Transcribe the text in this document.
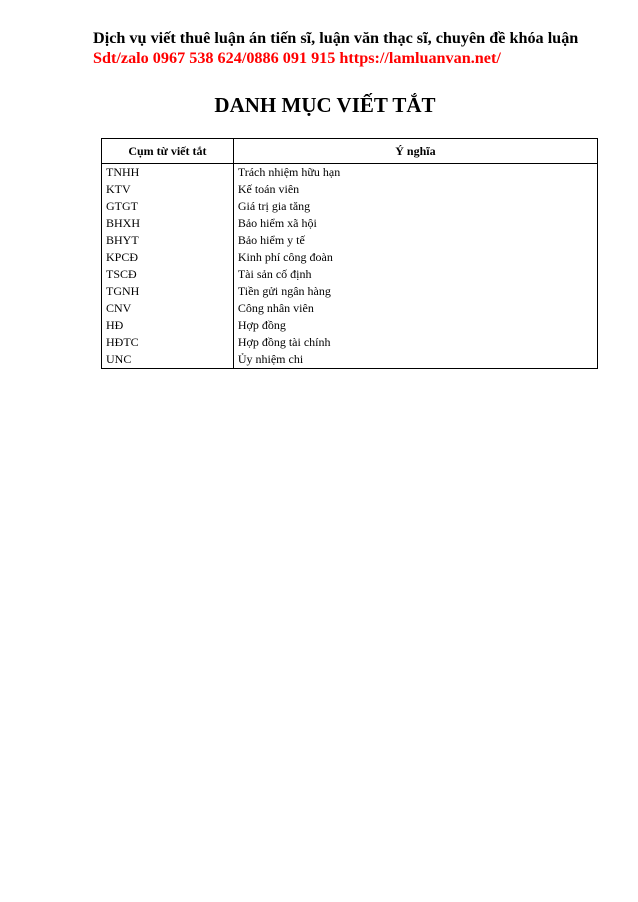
Dịch vụ viết thuê luận án tiến sĩ, luận văn thạc sĩ, chuyên đề khóa luận
Sdt/zalo 0967 538 624/0886 091 915 https://lamluanvan.net/
DANH MỤC VIẾT TẮT
Cụm từ viết tắt	Ý nghĩa
TNHH	Trách nhiệm hữu hạn
KTV	Kế toán viên
GTGT	Giá trị gia tăng
BHXH	Bảo hiểm xã hội
BHYT	Bảo hiểm y tế
KPCĐ	Kinh phí công đoàn
TSCĐ	Tài sản cố định
TGNH	Tiền gửi ngân hàng
CNV	Công nhân viên
HĐ	Hợp đồng
HĐTC	Hợp đồng tài chính
UNC	Ủy nhiệm chi
